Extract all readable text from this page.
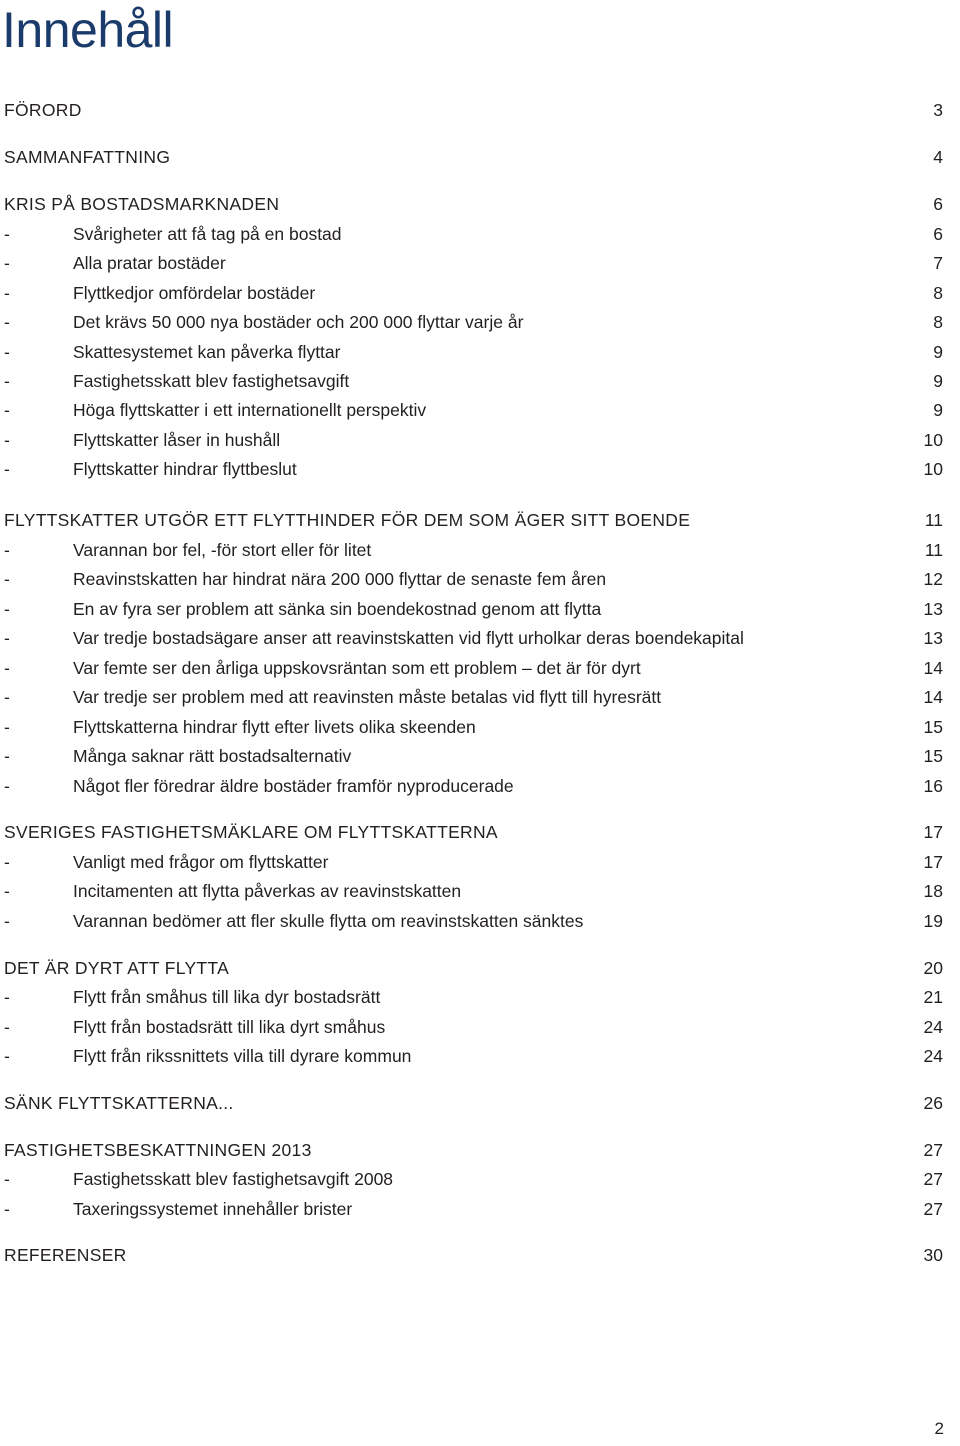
Innehåll
FÖRORD	3
SAMMANFATTNING	4
KRIS PÅ BOSTADSMARKNADEN	6
-	Svårigheter att få tag på en bostad	6
-	Alla pratar bostäder	7
-	Flyttkedjor omfördelar bostäder	8
-	Det krävs 50 000 nya bostäder och 200 000 flyttar varje år	8
-	Skattesystemet kan påverka flyttar	9
-	Fastighetsskatt blev fastighetsavgift	9
-	Höga flyttskatter i ett internationellt perspektiv	9
-	Flyttskatter låser in hushåll	10
-	Flyttskatter hindrar flyttbeslut	10
FLYTTSKATTER UTGÖR ETT FLYTTHINDER FÖR DEM SOM ÄGER SITT BOENDE	11
-	Varannan bor fel, -för stort eller för litet	11
-	Reavinstskatten har hindrat nära 200 000 flyttar de senaste fem åren	12
-	En av fyra ser problem att sänka sin boendekostnad genom att flytta	13
-	Var tredje bostadsägare anser att reavinstskatten vid flytt urholkar deras boendekapital	13
-	Var femte ser den årliga uppskovsräntan som ett problem – det är för dyrt	14
-	Var tredje ser problem med att reavinsten måste betalas vid flytt till hyresrätt	14
-	Flyttskatterna hindrar flytt efter livets olika skeenden	15
-	Många saknar rätt bostadsalternativ	15
-	Något fler föredrar äldre bostäder framför nyproducerade	16
SVERIGES FASTIGHETSMÄKLARE OM FLYTTSKATTERNA	17
-	Vanligt med frågor om flyttskatter	17
-	Incitamenten att flytta påverkas av reavinstskatten	18
-	Varannan bedömer att fler skulle flytta om reavinstskatten sänktes	19
DET ÄR DYRT ATT FLYTTA	20
-	Flytt från småhus till lika dyr bostadsrätt	21
-	Flytt från bostadsrätt till lika dyrt småhus	24
-	Flytt från rikssnittets villa till dyrare kommun	24
SÄNK FLYTTSKATTERNA...	26
FASTIGHETSBESKATTNINGEN 2013	27
-	Fastighetsskatt blev fastighetsavgift 2008	27
-	Taxeringssystemet innehåller brister	27
REFERENSER	30
2
